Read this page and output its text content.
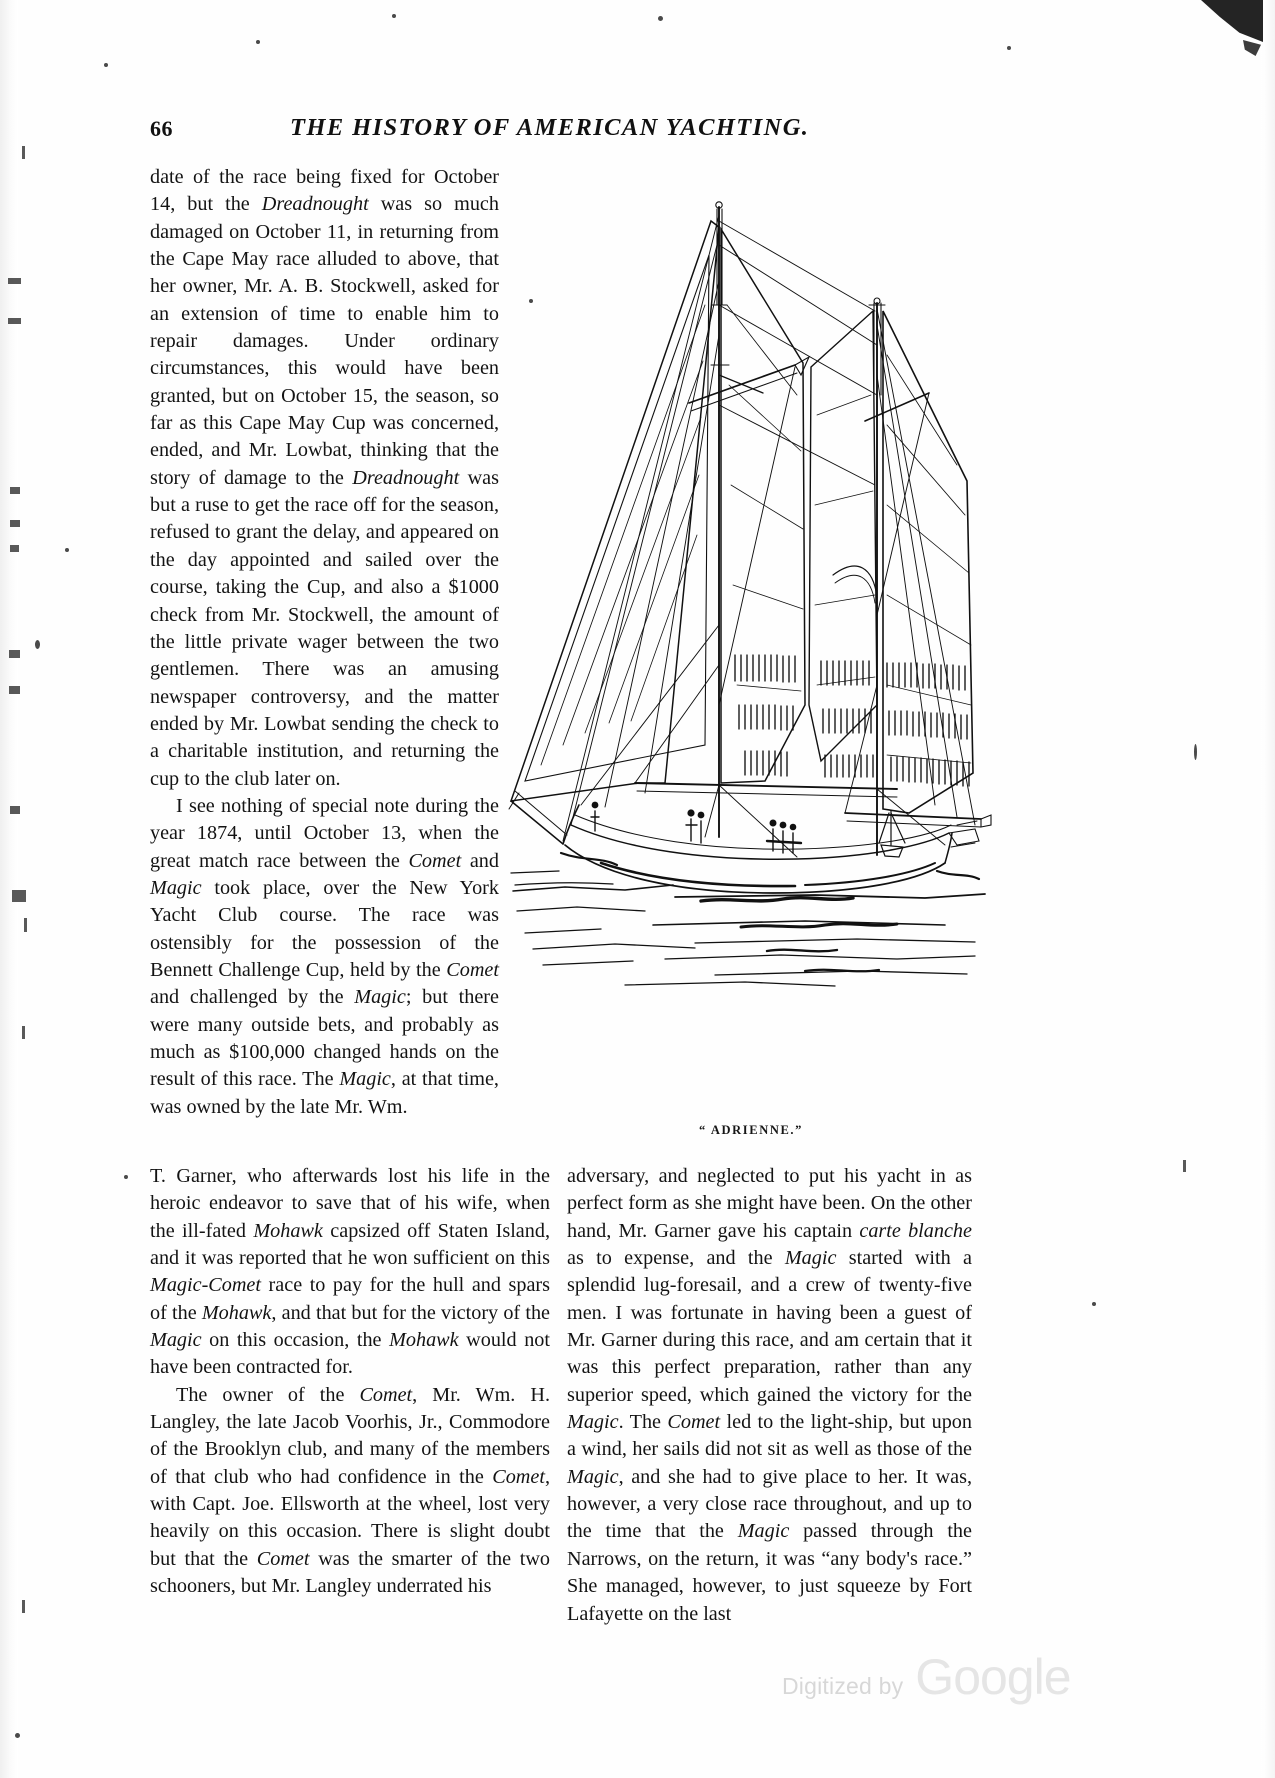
66	THE HISTORY OF AMERICAN YACHTING.

date of the race being fixed for October 14, but the Dreadnought was so much damaged on October 11, in returning from the Cape May race alluded to above, that her owner, Mr. A. B. Stockwell, asked for an extension of time to enable him to repair damages. Under ordinary circumstances, this would have been granted, but on October 15, the season, so far as this Cape May Cup was concerned, ended, and Mr. Lowbat, thinking that the story of damage to the Dreadnought was but a ruse to get the race off for the season, refused to grant the delay, and appeared on the day appointed and sailed over the course, taking the Cup, and also a $1000 check from Mr. Stockwell, the amount of the little private wager between the two gentlemen. There was an amusing newspaper controversy, and the matter ended by Mr. Lowbat sending the check to a charitable institution, and returning the cup to the club later on.

I see nothing of special note during the year 1874, until October 13, when the great match race between the Comet and Magic took place, over the New York Yacht Club course. The race was ostensibly for the possession of the Bennett Challenge Cup, held by the Comet and challenged by the Magic; but there were many outside bets, and probably as much as $100,000 changed hands on the result of this race. The Magic, at that time, was owned by the late Mr. Wm.

“ ADRIENNE.”

T. Garner, who afterwards lost his life in the heroic endeavor to save that of his wife, when the ill-fated Mohawk capsized off Staten Island, and it was reported that he won sufficient on this Magic-Comet race to pay for the hull and spars of the Mohawk, and that but for the victory of the Magic on this occasion, the Mohawk would not have been contracted for.

The owner of the Comet, Mr. Wm. H. Langley, the late Jacob Voorhis, Jr., Commodore of the Brooklyn club, and many of the members of that club who had confidence in the Comet, with Capt. Joe. Ellsworth at the wheel, lost very heavily on this occasion. There is slight doubt but that the Comet was the smarter of the two schooners, but Mr. Langley underrated his

adversary, and neglected to put his yacht in as perfect form as she might have been. On the other hand, Mr. Garner gave his captain carte blanche as to expense, and the Magic started with a splendid lug-foresail, and a crew of twenty-five men. I was fortunate in having been a guest of Mr. Garner during this race, and am certain that it was this perfect preparation, rather than any superior speed, which gained the victory for the Magic. The Comet led to the light-ship, but upon a wind, her sails did not sit as well as those of the Magic, and she had to give place to her. It was, however, a very close race throughout, and up to the time that the Magic passed through the Narrows, on the return, it was “any body's race.” She managed, however, to just squeeze by Fort Lafayette on the last

Digitized by Google
